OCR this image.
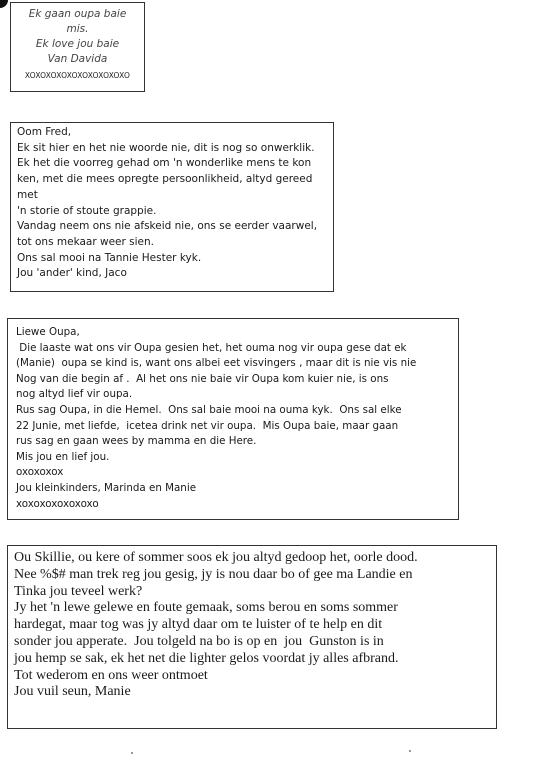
Ek gaan oupa baie
mis.
Ek love jou baie
Van Davida
XOXOXOXOXOXOXOXOXOXO
Oom Fred,
Ek sit hier en het nie woorde nie, dit is nog so onwerklik.
Ek het die voorreg gehad om 'n wonderlike mens te kon
ken, met die mees opregte persoonlikheid, altyd gereed
met
'n storie of stoute grappie.
Vandag neem ons nie afskeid nie, ons se eerder vaarwel,
tot ons mekaar weer sien.
Ons sal mooi na Tannie Hester kyk.
Jou 'ander' kind, Jaco
Liewe Oupa,
Die laaste wat ons vir Oupa gesien het, het ouma nog vir oupa gese dat ek
(Manie)  oupa se kind is, want ons albei eet visvingers , maar dit is nie vis nie
Nog van die begin af .  Al het ons nie baie vir Oupa kom kuier nie, is ons
nog altyd lief vir oupa.
Rus sag Oupa, in die Hemel.  Ons sal baie mooi na ouma kyk.  Ons sal elke
22 Junie, met liefde,  icetea drink net vir oupa.  Mis Oupa baie, maar gaan
rus sag en gaan wees by mamma en die Here.
Mis jou en lief jou.
oxoxoxox
Jou kleinkinders, Marinda en Manie
xoxoxoxoxoxoxo
Ou Skillie, ou kere of sommer soos ek jou altyd gedoop het, oorle dood.
Nee %$# man trek reg jou gesig, jy is nou daar bo of gee ma Landie en
Tinka jou teveel werk?
Jy het 'n lewe gelewe en foute gemaak, soms berou en soms sommer
hardegat, maar tog was jy altyd daar om te luister of te help en dit
sonder jou apperate.  Jou tolgeld na bo is op en  jou  Gunston is in
jou hemp se sak, ek het net die lighter gelos voordat jy alles afbrand.
Tot wederom en ons weer ontmoet
Jou vuil seun, Manie
